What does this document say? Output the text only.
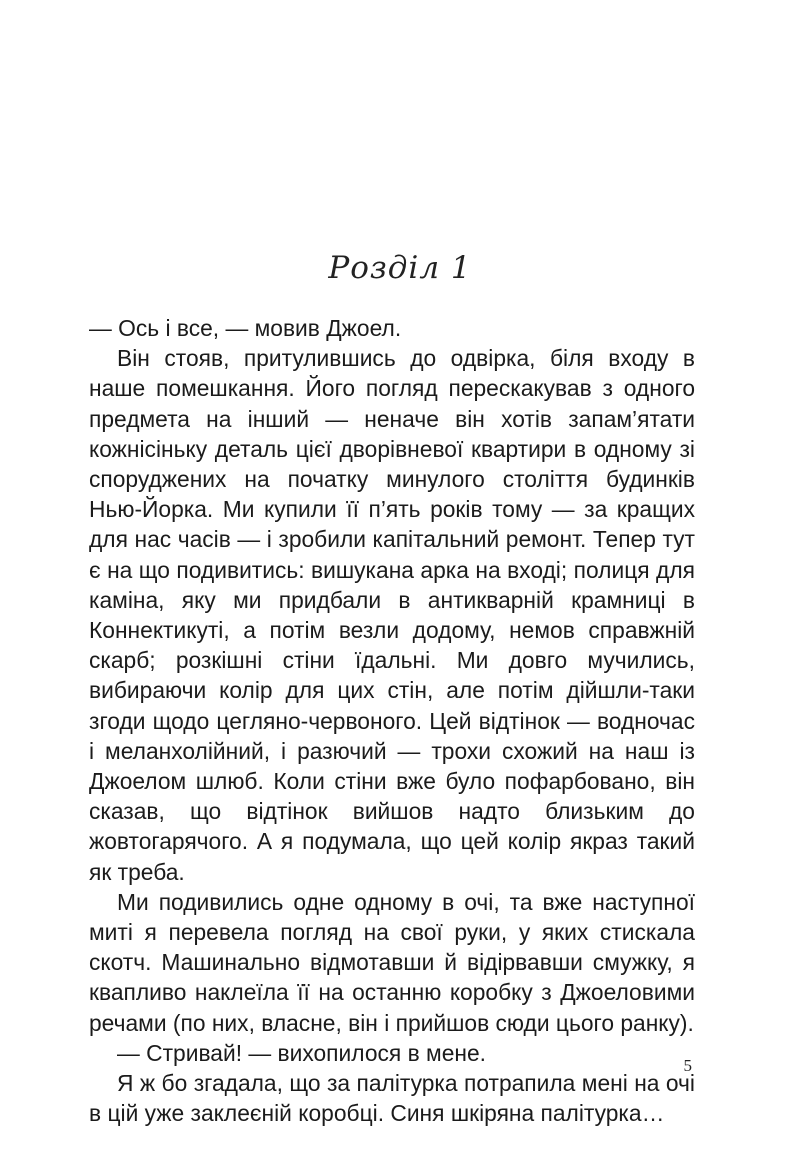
Розділ 1

— Ось і все, — мовив Джоел.

Він стояв, притулившись до одвірка, біля входу в наше помешкання. Його погляд перескакував з одного предмета на інший — неначе він хотів запам’ятати кожнісіньку деталь цієї дворівневої квартири в одному зі споруджених на початку минулого століття будинків Нью-Йорка. Ми купили її п’ять років тому — за кращих для нас часів — і зробили капітальний ремонт. Тепер тут є на що подивитись: вишукана арка на вході; полиця для каміна, яку ми придбали в антикварній крамниці в Коннектикуті, а потім везли додому, немов справжній скарб; розкішні стіни їдальні. Ми довго мучились, вибираючи колір для цих стін, але потім дійшли-таки згоди щодо цегляно-червоного. Цей відтінок — водночас і меланхолійний, і разючий — трохи схожий на наш із Джоелом шлюб. Коли стіни вже було пофарбовано, він сказав, що відтінок вийшов надто близьким до жовтогарячого. А я подумала, що цей колір якраз такий як треба.

Ми подивились одне одному в очі, та вже наступної миті я перевела погляд на свої руки, у яких стискала скотч. Машинально відмотавши й відірвавши смужку, я квапливо наклеїла її на останню коробку з Джоеловими речами (по них, власне, він і прийшов сюди цього ранку).

— Стривай! — вихопилося в мене.

Я ж бо згадала, що за палітурка потрапила мені на очі в цій уже заклеєній коробці. Синя шкіряна палітурка…

5
